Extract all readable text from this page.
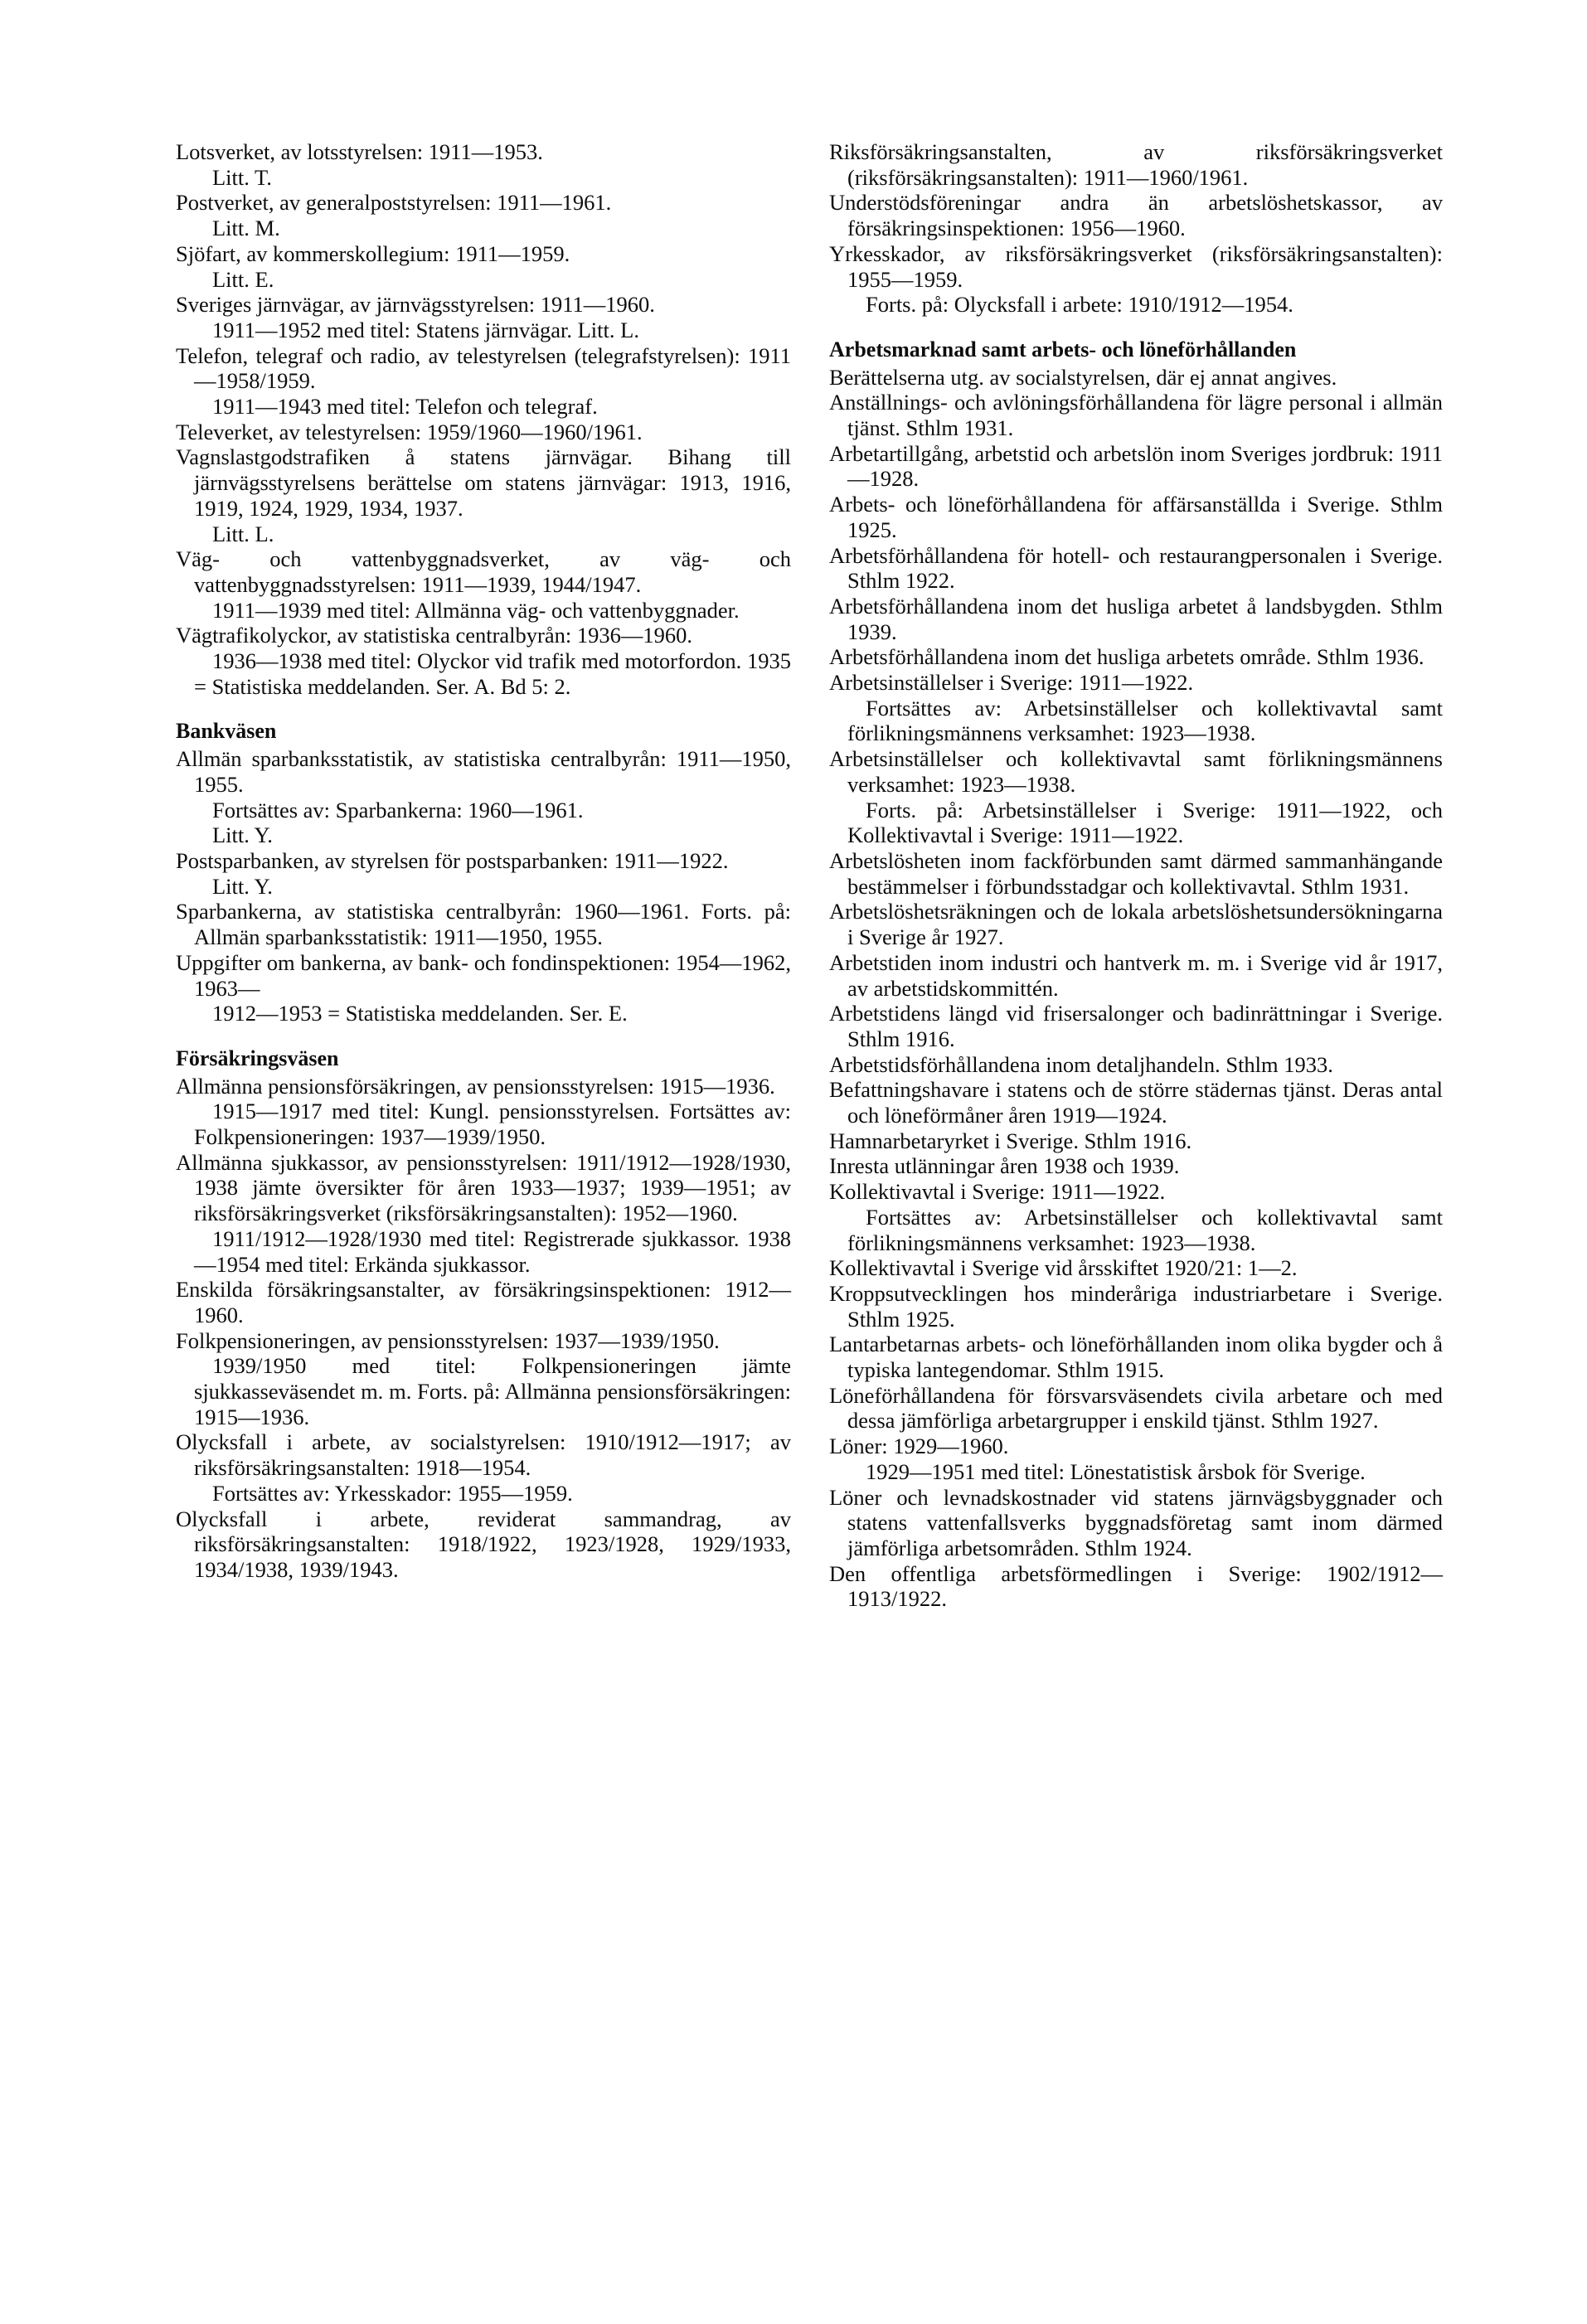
Lotsverket, av lotsstyrelsen: 1911—1953.

Litt. T.

Postverket, av generalpoststyrelsen: 1911—1961.

Litt. M.

Sjöfart, av kommerskollegium: 1911—1959.

Litt. E.

Sveriges järnvägar, av järnvägsstyrelsen: 1911—1960.

1911—1952 med titel: Statens järnvägar. Litt. L.

Telefon, telegraf och radio, av telestyrelsen (telegrafstyrelsen): 1911—1958/1959.

1911—1943 med titel: Telefon och telegraf.

Televerket, av telestyrelsen: 1959/1960—1960/1961.

Vagnslastgodstrafiken å statens järnvägar. Bihang till järnvägsstyrelsens berättelse om statens järnvägar: 1913, 1916, 1919, 1924, 1929, 1934, 1937.

Litt. L.

Väg- och vattenbyggnadsverket, av väg- och vattenbyggnadsstyrelsen: 1911—1939, 1944/1947.

1911—1939 med titel: Allmänna väg- och vattenbyggnader.

Vägtrafikolyckor, av statistiska centralbyrån: 1936—1960.

1936—1938 med titel: Olyckor vid trafik med motorfordon. 1935 = Statistiska meddelanden. Ser. A. Bd 5: 2.

Bankväsen

Allmän sparbanksstatistik, av statistiska centralbyrån: 1911—1950, 1955.

Fortsättes av: Sparbankerna: 1960—1961.

Litt. Y.

Postsparbanken, av styrelsen för postsparbanken: 1911—1922.

Litt. Y.

Sparbankerna, av statistiska centralbyrån: 1960—1961. Forts. på: Allmän sparbanksstatistik: 1911—1950, 1955.

Uppgifter om bankerna, av bank- och fondinspektionen: 1954—1962, 1963—

1912—1953 = Statistiska meddelanden. Ser. E.

Försäkringsväsen

Allmänna pensionsförsäkringen, av pensionsstyrelsen: 1915—1936.

1915—1917 med titel: Kungl. pensionsstyrelsen. Fortsättes av: Folkpensioneringen: 1937—1939/1950.

Allmänna sjukkassor, av pensionsstyrelsen: 1911/1912—1928/1930, 1938 jämte översikter för åren 1933—1937; 1939—1951; av riksförsäkringsverket (riksförsäkringsanstalten): 1952—1960.

1911/1912—1928/1930 med titel: Registrerade sjukkassor. 1938—1954 med titel: Erkända sjukkassor.

Enskilda försäkringsanstalter, av försäkringsinspektionen: 1912—1960.

Folkpensioneringen, av pensionsstyrelsen: 1937—1939/1950.

1939/1950 med titel: Folkpensioneringen jämte sjukkasseväsendet m. m. Forts. på: Allmänna pensionsförsäkringen: 1915—1936.

Olycksfall i arbete, av socialstyrelsen: 1910/1912—1917; av riksförsäkringsanstalten: 1918—1954.

Fortsättes av: Yrkesskador: 1955—1959.

Olycksfall i arbete, reviderat sammandrag, av riksförsäkringsanstalten: 1918/1922, 1923/1928, 1929/1933, 1934/1938, 1939/1943.

Riksförsäkringsanstalten, av riksförsäkringsverket (riksförsäkringsanstalten): 1911—1960/1961.

Understödsföreningar andra än arbetslöshetskassor, av försäkringsinspektionen: 1956—1960.

Yrkesskador, av riksförsäkringsverket (riksförsäkringsanstalten): 1955—1959.

Forts. på: Olycksfall i arbete: 1910/1912—1954.

Arbetsmarknad samt arbets- och löneförhållanden

Berättelserna utg. av socialstyrelsen, där ej annat angives.

Anställnings- och avlöningsförhållandena för lägre personal i allmän tjänst. Sthlm 1931.

Arbetartillgång, arbetstid och arbetslön inom Sveriges jordbruk: 1911—1928.

Arbets- och löneförhållandena för affärsanställda i Sverige. Sthlm 1925.

Arbetsförhållandena för hotell- och restaurangpersonalen i Sverige. Sthlm 1922.

Arbetsförhållandena inom det husliga arbetet å landsbygden. Sthlm 1939.

Arbetsförhållandena inom det husliga arbetets område. Sthlm 1936.

Arbetsinställelser i Sverige: 1911—1922.

Fortsättes av: Arbetsinställelser och kollektivavtal samt förlikningsmännens verksamhet: 1923—1938.

Arbetsinställelser och kollektivavtal samt förlikningsmännens verksamhet: 1923—1938.

Forts. på: Arbetsinställelser i Sverige: 1911—1922, och Kollektivavtal i Sverige: 1911—1922.

Arbetslösheten inom fackförbunden samt därmed sammanhängande bestämmelser i förbundsstadgar och kollektivavtal. Sthlm 1931.

Arbetslöshetsräkningen och de lokala arbetslöshetsundersökningarna i Sverige år 1927.

Arbetstiden inom industri och hantverk m. m. i Sverige vid år 1917, av arbetstidskommittén.

Arbetstidens längd vid frisersalonger och badinrättningar i Sverige. Sthlm 1916.

Arbetstidsförhållandena inom detaljhandeln. Sthlm 1933.

Befattningshavare i statens och de större städernas tjänst. Deras antal och löneförmåner åren 1919—1924.

Hamnarbetaryrket i Sverige. Sthlm 1916.

Inresta utlänningar åren 1938 och 1939.

Kollektivavtal i Sverige: 1911—1922.

Fortsättes av: Arbetsinställelser och kollektivavtal samt förlikningsmännens verksamhet: 1923—1938.

Kollektivavtal i Sverige vid årsskiftet 1920/21: 1—2.

Kroppsutvecklingen hos minderåriga industriarbetare i Sverige. Sthlm 1925.

Lantarbetarnas arbets- och löneförhållanden inom olika bygder och å typiska lantegendomar. Sthlm 1915.

Löneförhållandena för försvarsväsendets civila arbetare och med dessa jämförliga arbetargrupper i enskild tjänst. Sthlm 1927.

Löner: 1929—1960.

1929—1951 med titel: Lönestatistisk årsbok för Sverige.

Löner och levnadskostnader vid statens järnvägsbyggnader och statens vattenfallsverks byggnadsföretag samt inom därmed jämförliga arbetsområden. Sthlm 1924.

Den offentliga arbetsförmedlingen i Sverige: 1902/1912—1913/1922.
